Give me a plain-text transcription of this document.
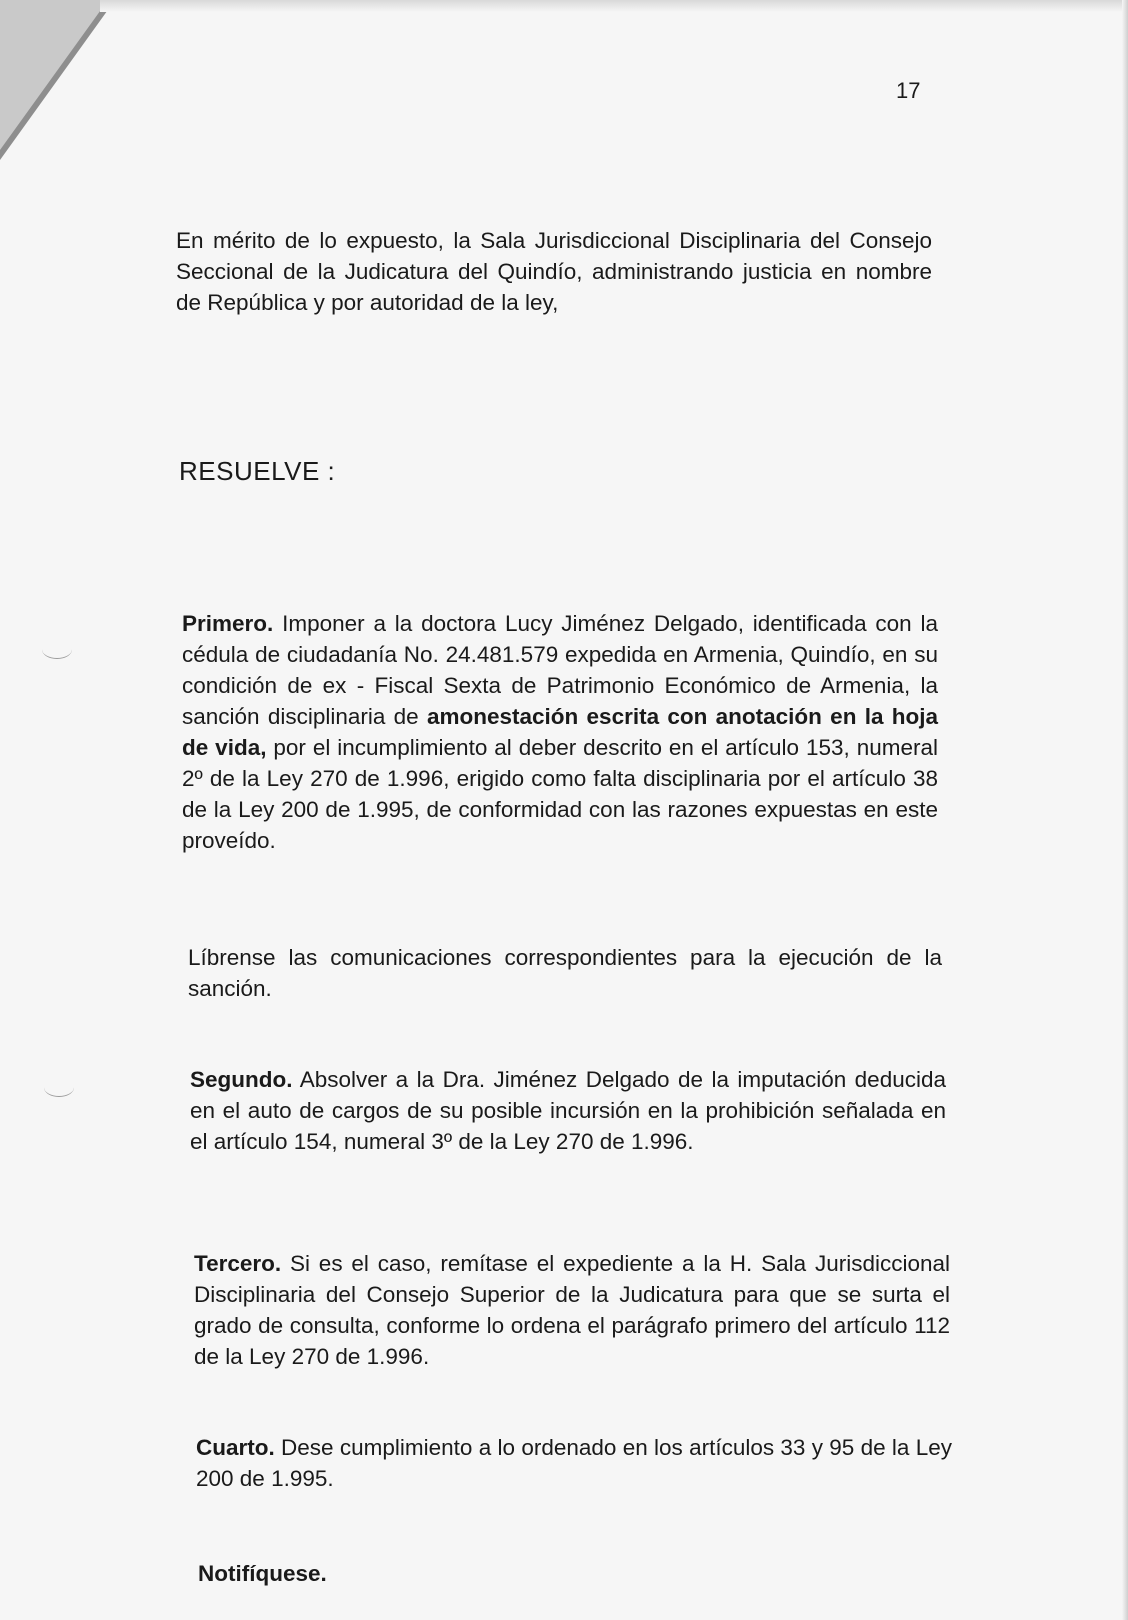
17

En mérito de lo expuesto, la Sala Jurisdiccional Disciplinaria del Consejo Seccional de la Judicatura del Quindío, administrando justicia en nombre de República y por autoridad de la ley,

RESUELVE :

Primero. Imponer a la doctora Lucy Jiménez Delgado, identificada con la cédula de ciudadanía No. 24.481.579 expedida en Armenia, Quindío, en su condición de ex - Fiscal Sexta de Patrimonio Económico de Armenia, la sanción disciplinaria de amonestación escrita con anotación en la hoja de vida, por el incumplimiento al deber descrito en el artículo 153, numeral 2º de la Ley 270 de 1.996, erigido como falta disciplinaria por el artículo 38 de la Ley 200 de 1.995, de conformidad con las razones expuestas en este proveído.

Líbrense las comunicaciones correspondientes para la ejecución de la sanción.

Segundo. Absolver a la Dra. Jiménez Delgado de la imputación deducida en el auto de cargos de su posible incursión en la prohibición señalada en el artículo 154, numeral 3º de la Ley 270 de 1.996.

Tercero. Si es el caso, remítase el expediente a la H. Sala Jurisdiccional Disciplinaria del Consejo Superior de la Judicatura para que se surta el grado de consulta, conforme lo ordena el parágrafo primero del artículo 112 de la Ley 270 de 1.996.

Cuarto. Dese cumplimiento a lo ordenado en los artículos 33 y 95 de la Ley 200 de 1.995.

Notifíquese.
